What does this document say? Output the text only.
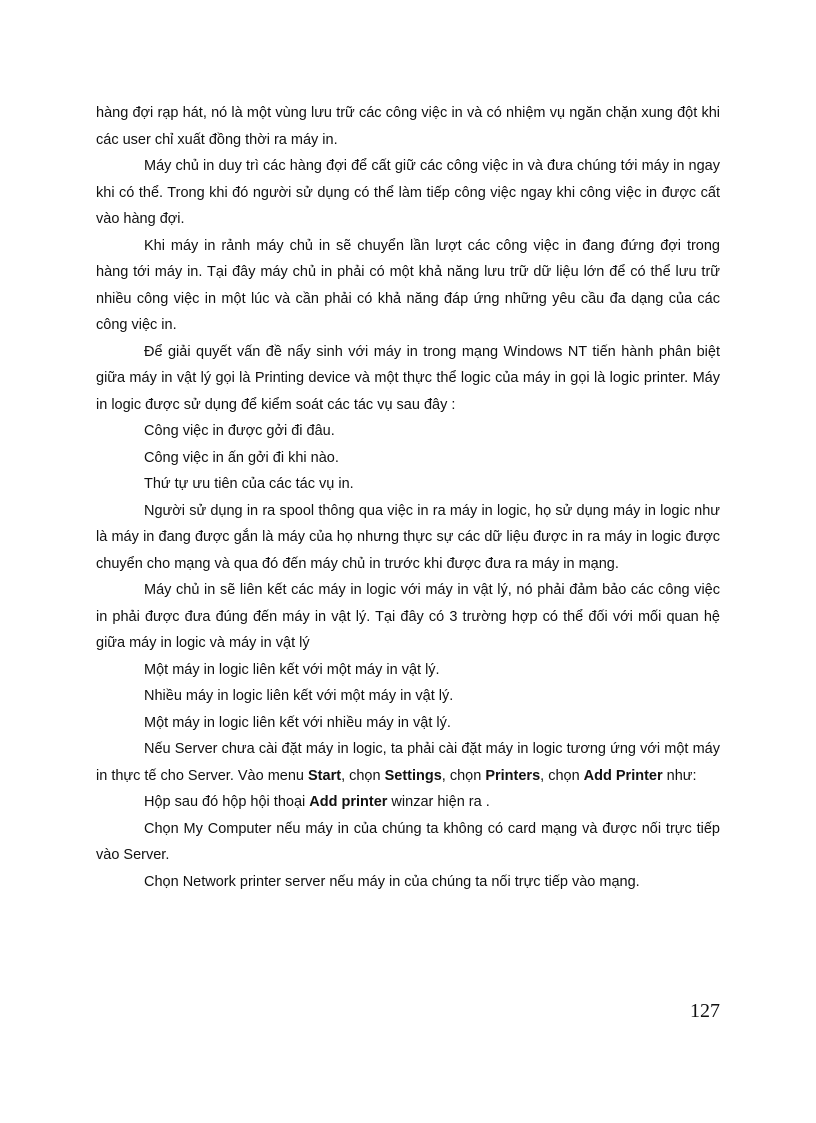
hàng đợi rạp hát, nó là một vùng lưu trữ các công việc in và có nhiệm vụ ngăn chặn xung đột khi các user chỉ xuất đồng thời ra máy in.

Máy chủ in duy trì các hàng đợi để cất giữ các công việc in và đưa chúng tới máy in ngay khi có thể. Trong khi đó người sử dụng có thể làm tiếp công việc ngay khi công việc in được cất vào hàng đợi.

Khi máy in rảnh máy chủ in sẽ chuyển lần lượt các công việc in đang đứng đợi trong hàng tới máy in. Tại đây máy chủ in phải có một khả năng lưu trữ dữ liệu lớn để có thể lưu trữ nhiều công việc in một lúc và cần phải có khả năng đáp ứng những yêu cầu đa dạng của các công việc in.

Để giải quyết vấn đề nẩy sinh với máy in trong mạng Windows NT tiến hành phân biệt giữa máy in vật lý gọi là Printing device và một thực thể logic của máy in gọi là logic printer. Máy in logic được sử dụng để kiểm soát các tác vụ sau đây :

Công việc in được gởi đi đâu.

Công việc in ấn gởi đi khi nào.

Thứ tự ưu tiên của các tác vụ in.

Người sử dụng in ra spool thông qua việc in ra máy in logic, họ sử dụng máy in logic như là máy in đang được gắn là máy của họ nhưng thực sự các dữ liệu được in ra máy in logic được chuyển cho mạng và qua đó đến máy chủ in trước khi được đưa ra máy in mạng.

Máy chủ in sẽ liên kết các máy in logic với máy in vật lý, nó phải đảm bảo các công việc in phải được đưa đúng đến máy in vật lý. Tại đây có 3 trường hợp có thể đối với mối quan hệ giữa máy in logic và máy in vật lý

Một máy in logic liên kết với một máy in vật lý.

Nhiều máy in logic liên kết với một máy in vật lý.

Một máy in logic liên kết với nhiều máy in vật lý.

Nếu Server chưa cài đặt máy in logic, ta phải cài đặt máy in logic tương ứng với một máy in thực tế cho Server. Vào menu Start, chọn Settings, chọn Printers, chọn Add Printer như:

Hộp sau đó hộp hội thoại Add printer winzar hiện ra .

Chọn My Computer nếu máy in của chúng ta không có card mạng và được nối trực tiếp vào Server.

Chọn Network printer server nếu máy in của chúng ta nối trực tiếp vào mạng.

127
